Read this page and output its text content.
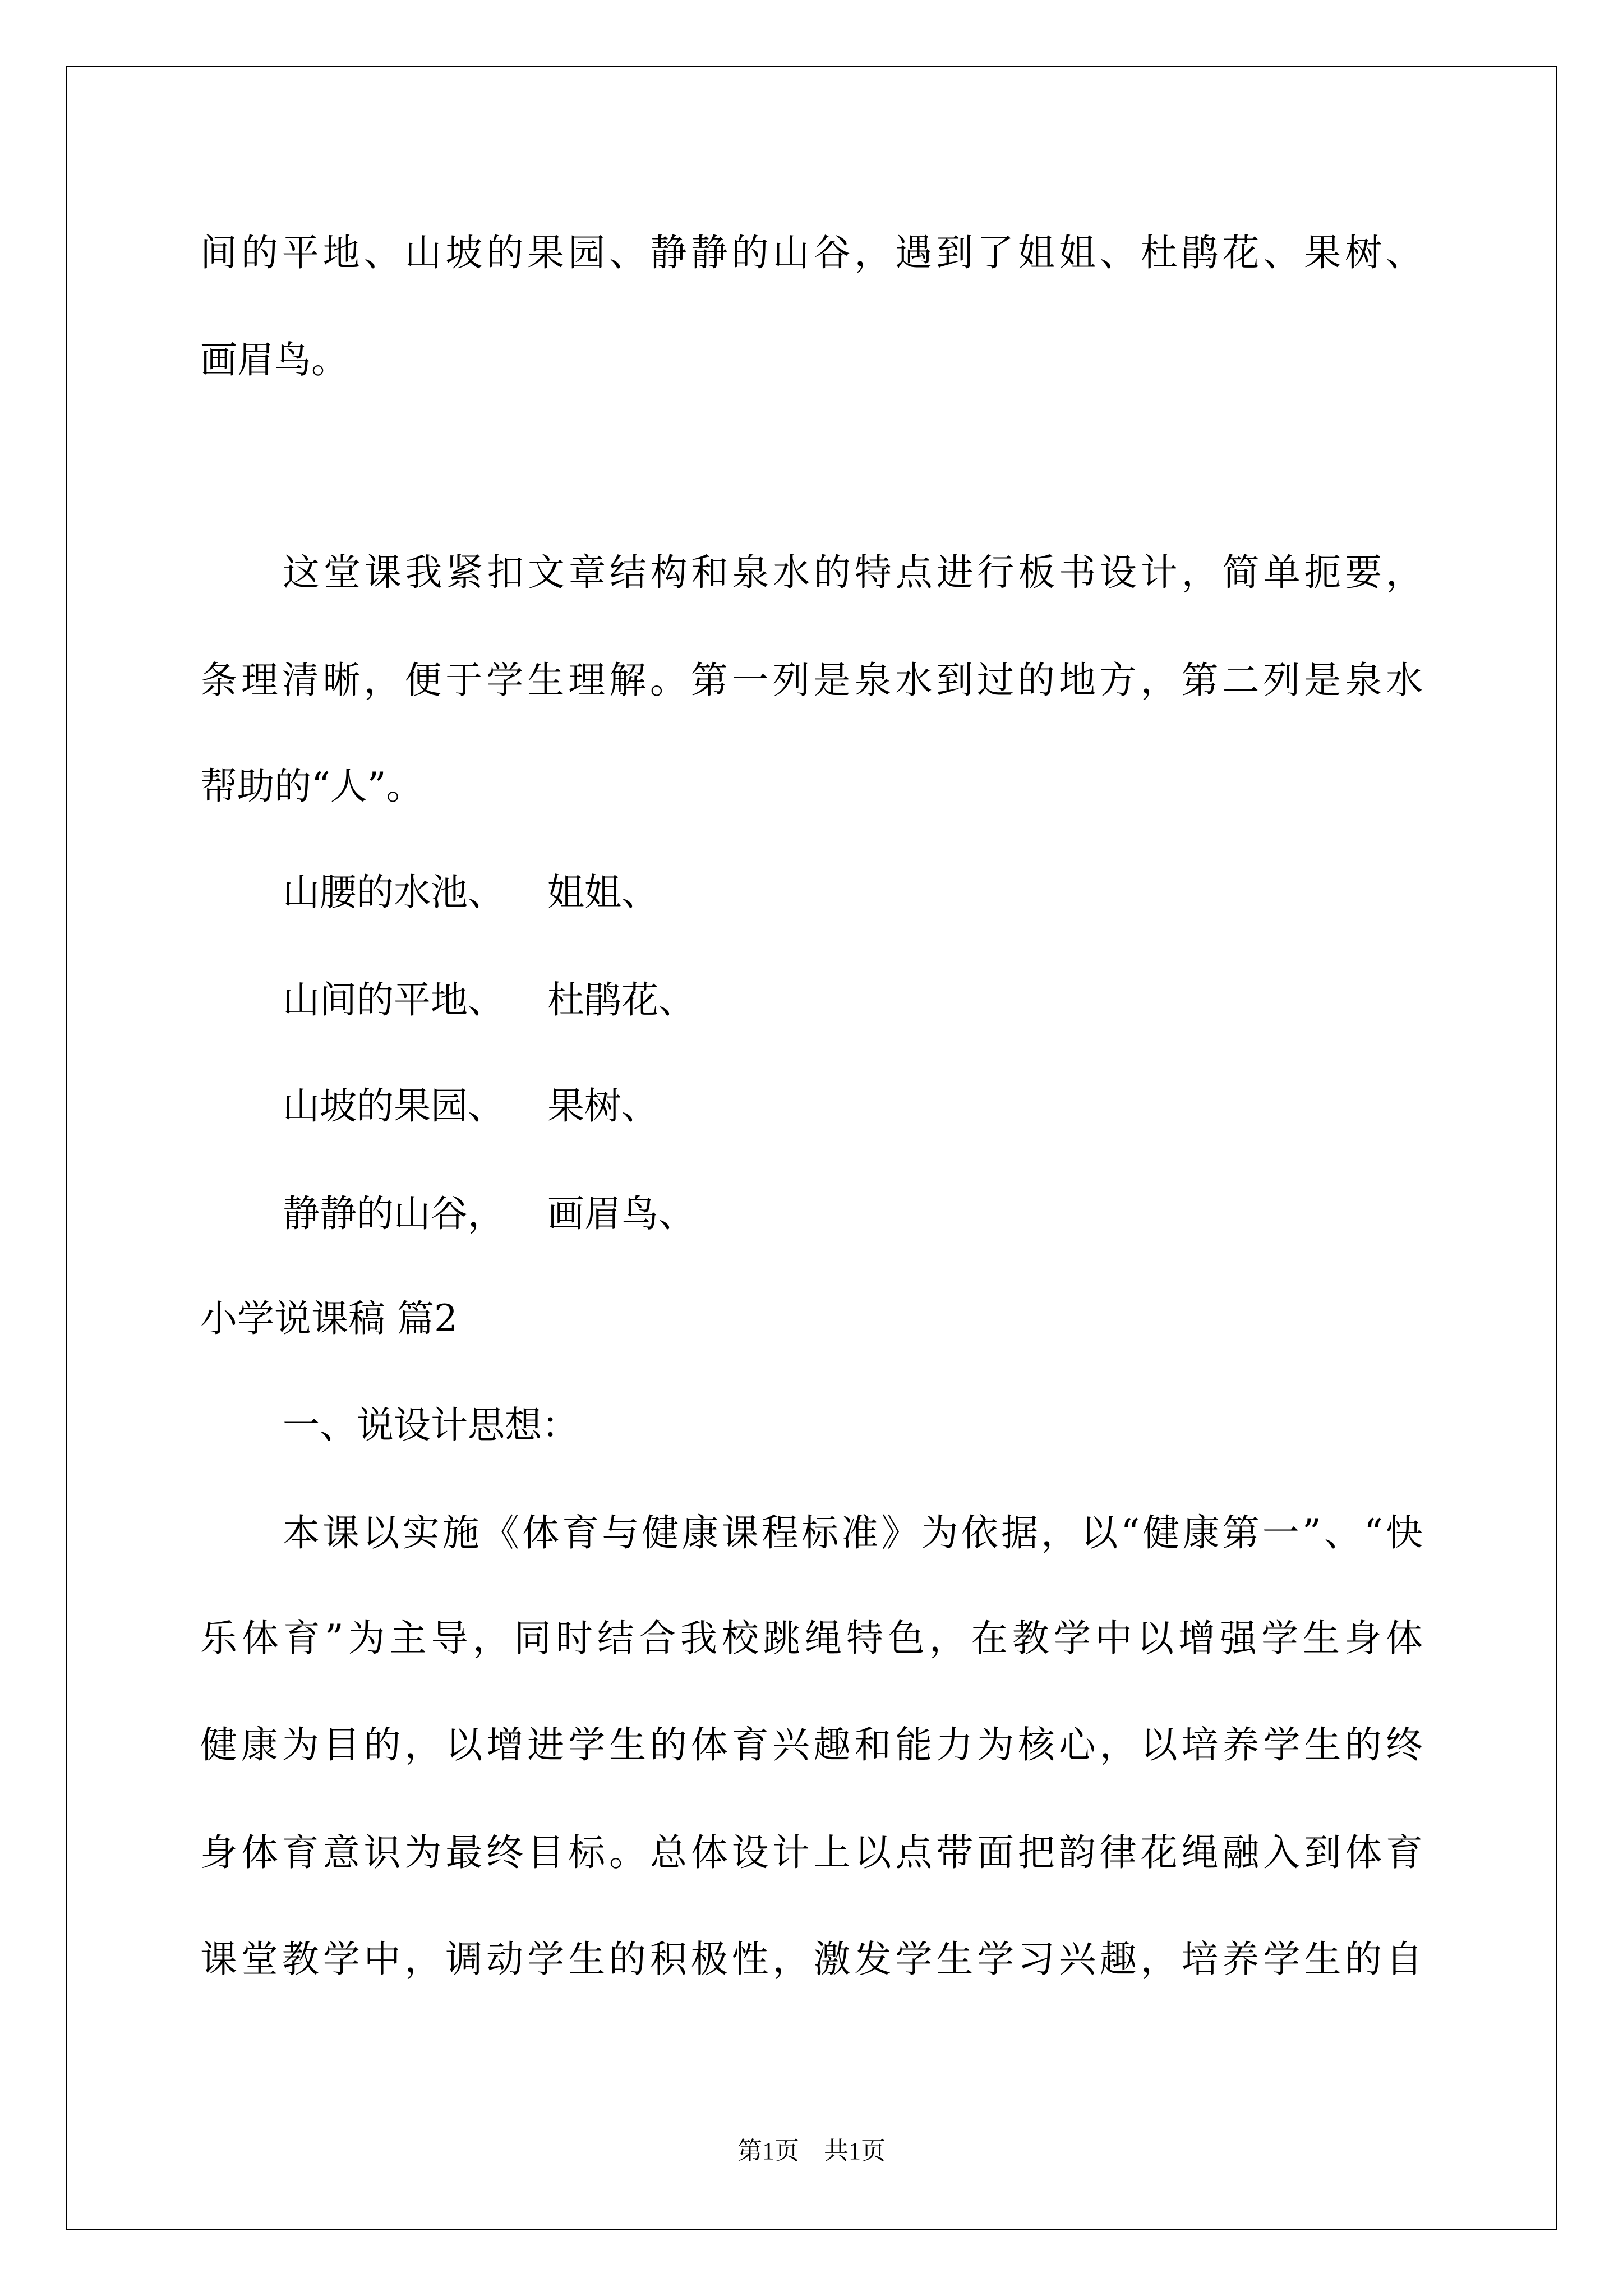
间的平地、山坡的果园、静静的山谷，遇到了姐姐、杜鹃花、果树、
画眉鸟。
这堂课我紧扣文章结构和泉水的特点进行板书设计，简单扼要，
条理清晰，便于学生理解。第一列是泉水到过的地方，第二列是泉水
帮助的“人”。
山腰的水池、 姐姐、
山间的平地、 杜鹃花、
山坡的果园、 果树、
静静的山谷， 画眉鸟、
小学说课稿 篇2
一、说设计思想：
本课以实施《体育与健康课程标准》为依据，以“健康第一”、“快
乐体育”为主导，同时结合我校跳绳特色，在教学中以增强学生身体
健康为目的，以增进学生的体育兴趣和能力为核心，以培养学生的终
身体育意识为最终目标。总体设计上以点带面把韵律花绳融入到体育
课堂教学中，调动学生的积极性，激发学生学习兴趣，培养学生的自
第1页　共1页
